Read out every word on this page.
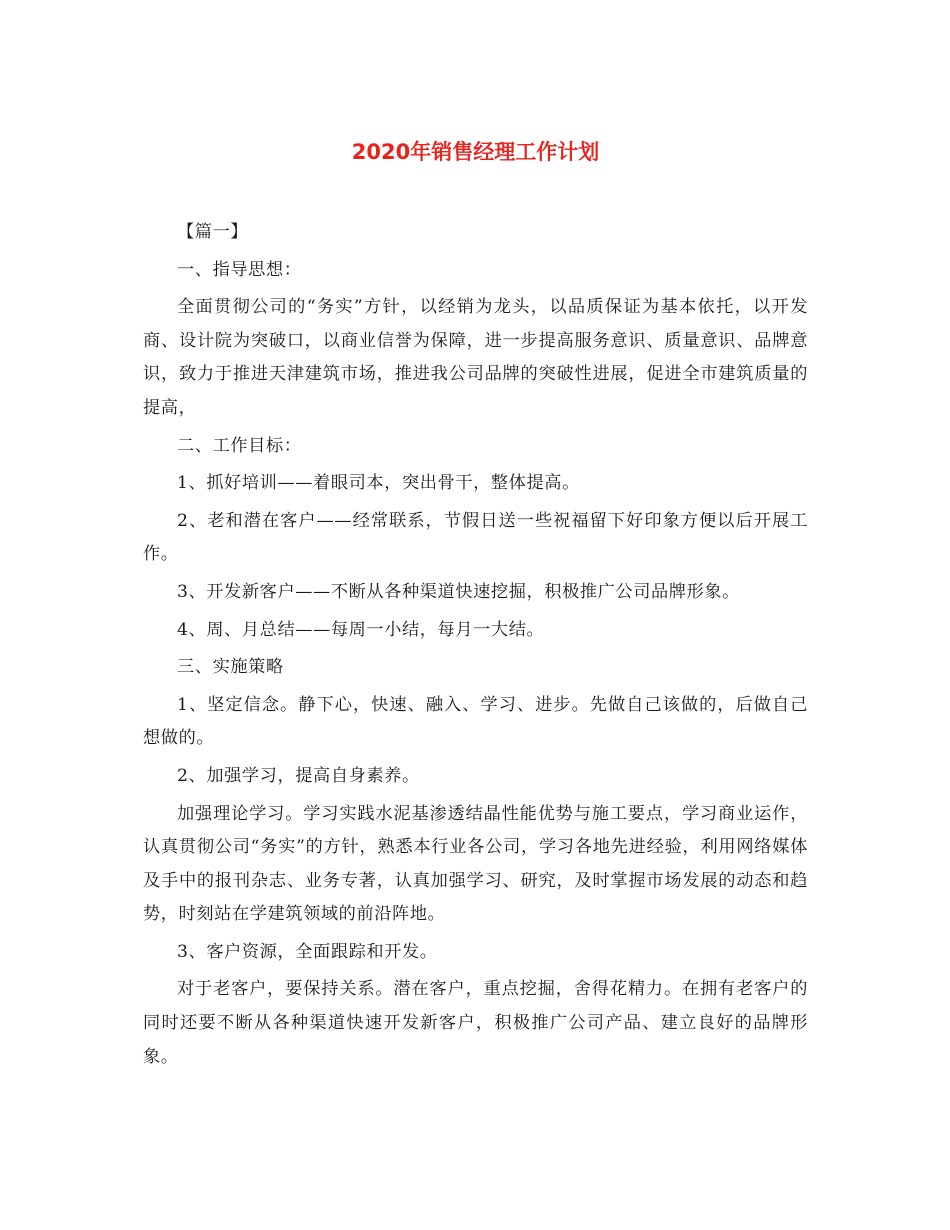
2020年销售经理工作计划

【篇一】

一、指导思想：

全面贯彻公司的“务实”方针，以经销为龙头，以品质保证为基本依托，以开发商、设计院为突破口，以商业信誉为保障，进一步提高服务意识、质量意识、品牌意识，致力于推进天津建筑市场，推进我公司品牌的突破性进展，促进全市建筑质量的提高，

二、工作目标：

1、抓好培训——着眼司本，突出骨干，整体提高。

2、老和潜在客户——经常联系，节假日送一些祝福留下好印象方便以后开展工作。

3、开发新客户——不断从各种渠道快速挖掘，积极推广公司品牌形象。

4、周、月总结——每周一小结，每月一大结。

三、实施策略

1、坚定信念。静下心，快速、融入、学习、进步。先做自己该做的，后做自己想做的。

2、加强学习，提高自身素养。

加强理论学习。学习实践水泥基渗透结晶性能优势与施工要点，学习商业运作，认真贯彻公司“务实”的方针，熟悉本行业各公司，学习各地先进经验，利用网络媒体及手中的报刊杂志、业务专著，认真加强学习、研究，及时掌握市场发展的动态和趋势，时刻站在学建筑领域的前沿阵地。

3、客户资源，全面跟踪和开发。

对于老客户，要保持关系。潜在客户，重点挖掘，舍得花精力。在拥有老客户的同时还要不断从各种渠道快速开发新客户，积极推广公司产品、建立良好的品牌形象。
